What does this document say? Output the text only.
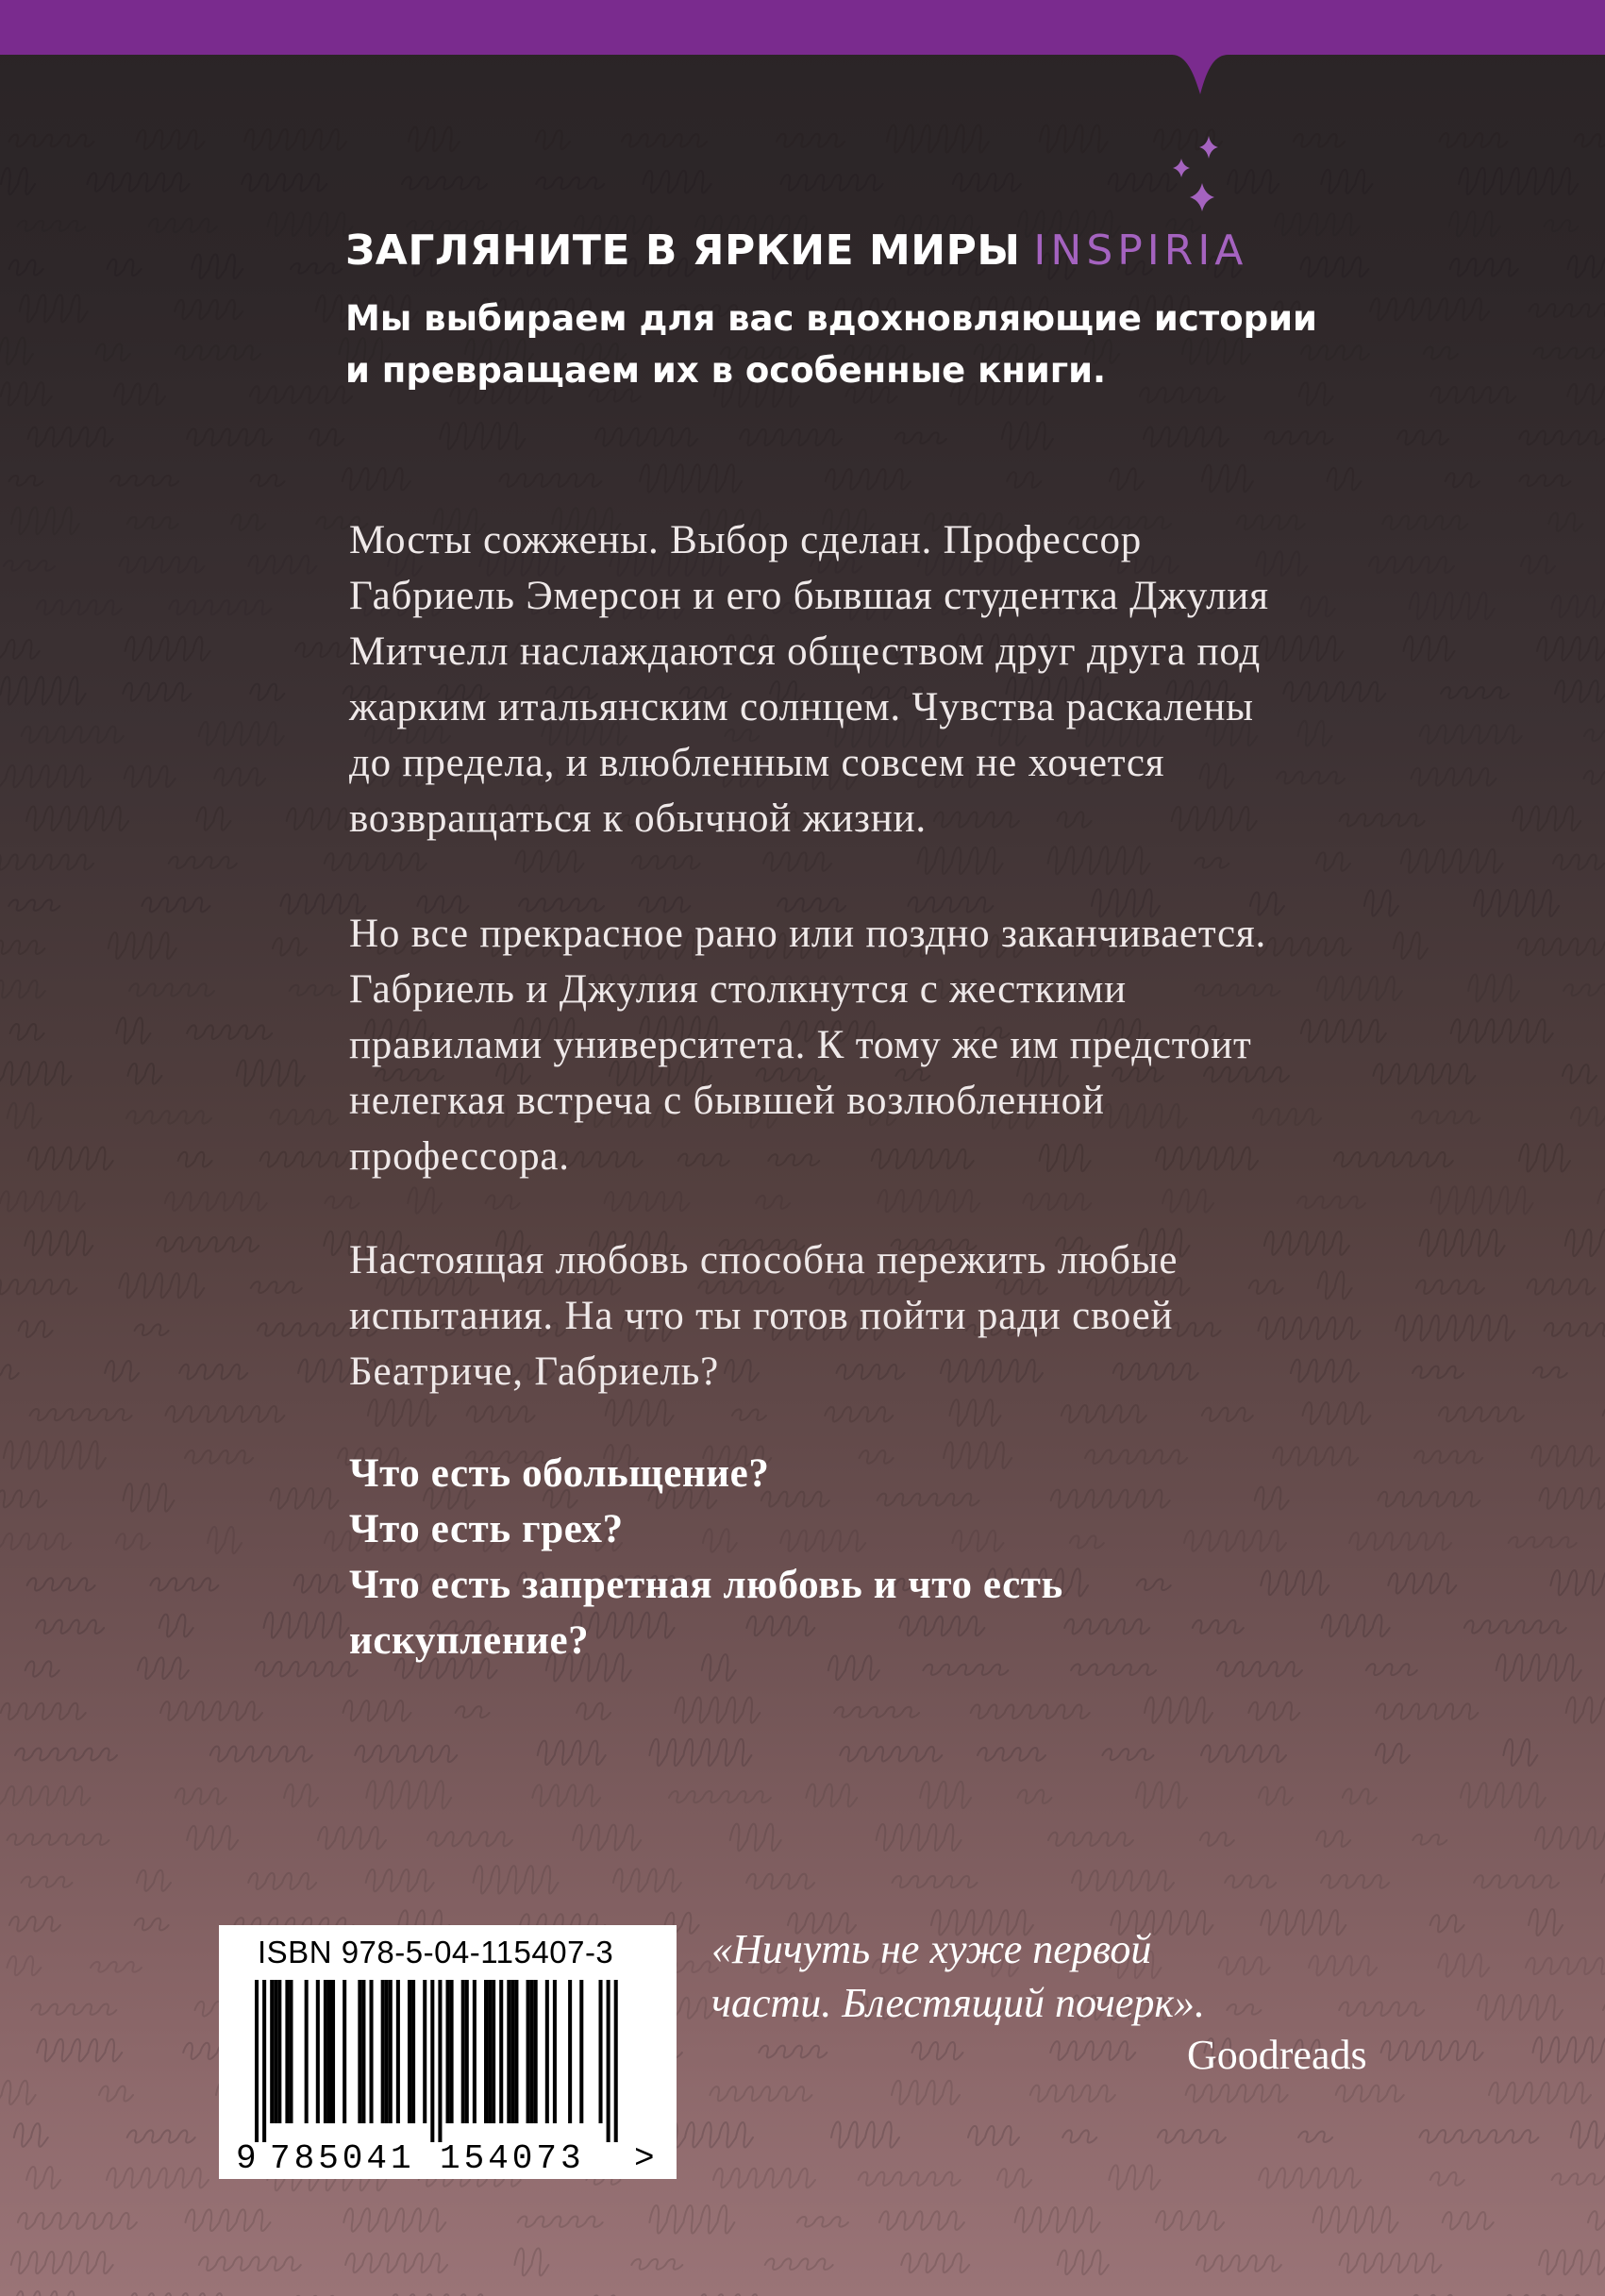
ЗАГЛЯНИТЕ В ЯРКИЕ МИРЫ INSPIRIA
Мы выбираем для вас вдохновляющие истории
и превращаем их в особенные книги.
Мосты сожжены. Выбор сделан. Профессор
Габриель Эмерсон и его бывшая студентка Джулия
Митчелл наслаждаются обществом друг друга под
жарким итальянским солнцем. Чувства раскалены
до предела, и влюбленным совсем не хочется
возвращаться к обычной жизни.
Но все прекрасное рано или поздно заканчивается.
Габриель и Джулия столкнутся с жесткими
правилами университета. К тому же им предстоит
нелегкая встреча с бывшей возлюбленной
профессора.
Настоящая любовь способна пережить любые
испытания. На что ты готов пойти ради своей
Беатриче, Габриель?
Что есть обольщение?
Что есть грех?
Что есть запретная любовь и что есть
искупление?
ISBN 978-5-04-115407-3
9 785041 154073 >
«Ничуть не хуже первой
части. Блестящий почерк».
Goodreads
